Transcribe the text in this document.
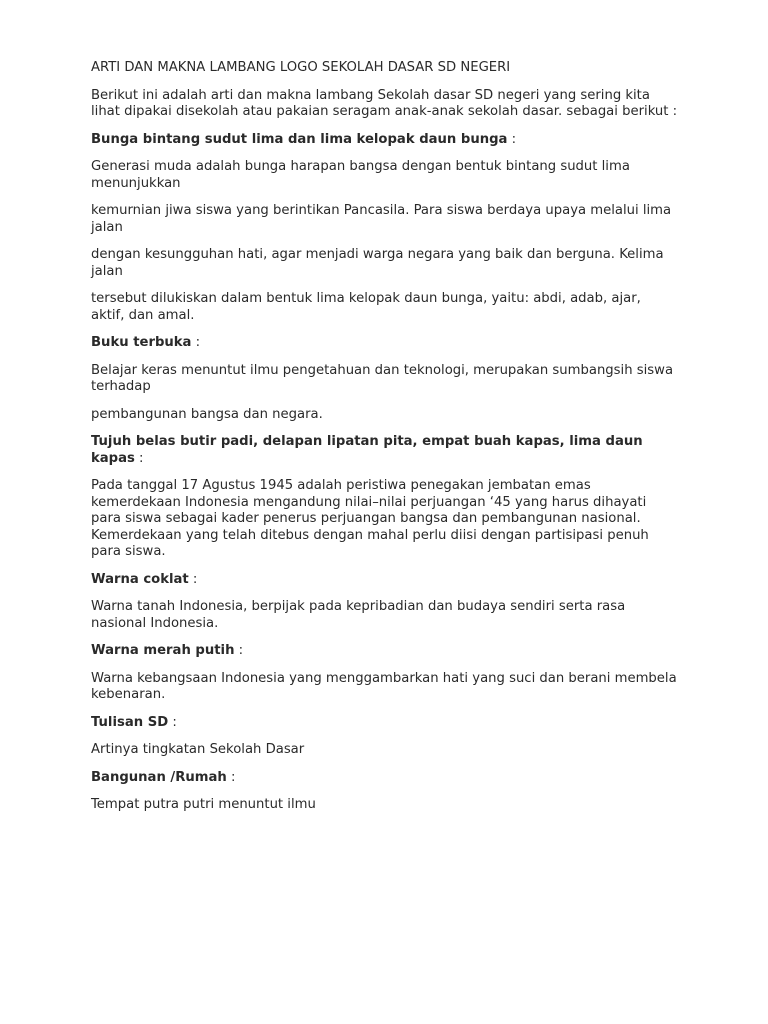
ARTI DAN MAKNA LAMBANG LOGO SEKOLAH DASAR SD NEGERI

Berikut ini adalah arti dan makna lambang Sekolah dasar SD negeri yang sering kita lihat dipakai disekolah atau pakaian seragam anak-anak sekolah dasar. sebagai berikut :

Bunga bintang sudut lima dan lima kelopak daun bunga :

Generasi muda adalah bunga harapan bangsa dengan bentuk bintang sudut lima menunjukkan

kemurnian jiwa siswa yang berintikan Pancasila. Para siswa berdaya upaya melalui lima jalan

dengan kesungguhan hati, agar menjadi warga negara yang baik dan berguna. Kelima jalan

tersebut dilukiskan dalam bentuk lima kelopak daun bunga, yaitu: abdi, adab, ajar, aktif, dan amal.

Buku terbuka :

Belajar keras menuntut ilmu pengetahuan dan teknologi, merupakan sumbangsih siswa terhadap

pembangunan bangsa dan negara.

Tujuh belas butir padi, delapan lipatan pita, empat buah kapas, lima daun kapas :

Pada tanggal 17 Agustus 1945 adalah peristiwa penegakan jembatan emas kemerdekaan Indonesia mengandung nilai–nilai perjuangan ‘45 yang harus dihayati para siswa sebagai kader penerus perjuangan bangsa dan pembangunan nasional. Kemerdekaan yang telah ditebus dengan mahal perlu diisi dengan partisipasi penuh para siswa.

Warna coklat :

Warna tanah Indonesia, berpijak pada kepribadian dan budaya sendiri serta rasa nasional Indonesia.

Warna merah putih :

Warna kebangsaan Indonesia yang menggambarkan hati yang suci dan berani membela kebenaran.

Tulisan SD :

Artinya tingkatan Sekolah Dasar

Bangunan /Rumah :

Tempat putra putri menuntut ilmu
